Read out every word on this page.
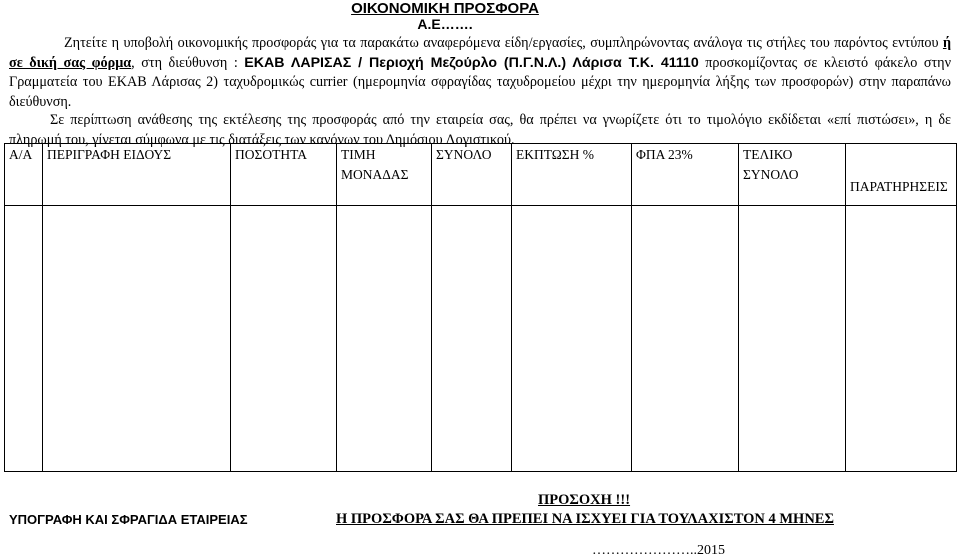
ΟΙΚΟΝΟΜΙΚΗ ΠΡΟΣΦΟΡΑ
Α.Ε…….
Ζητείτε η υποβολή οικονομικής προσφοράς για τα παρακάτω αναφερόμενα είδη/εργασίες, συμπληρώνοντας ανάλογα τις στήλες του παρόντος εντύπου ή σε δική σας φόρμα, στη διεύθυνση : ΕΚΑΒ ΛΑΡΙΣΑΣ / Περιοχή Μεζούρλο (Π.Γ.Ν.Λ.) Λάρισα Τ.Κ. 41110 προσκομίζοντας σε κλειστό φάκελο στην Γραμματεία του ΕΚΑΒ Λάρισας 2) ταχυδρομικώς currier (ημερομηνία σφραγίδας ταχυδρομείου μέχρι την ημερομηνία λήξης των προσφορών) στην παραπάνω διεύθυνση.
Σε περίπτωση ανάθεσης της εκτέλεσης της προσφοράς από την εταιρεία σας, θα πρέπει να γνωρίζετε ότι το τιμολόγιο εκδίδεται «επί πιστώσει», η δε πληρωμή του, γίνεται σύμφωνα με τις διατάξεις των κανόνων του Δημόσιου Λογιστικού.
Α/Α	ΠΕΡΙΓΡΑΦΗ ΕΙΔΟΥΣ	ΠΟΣΟΤΗΤΑ	ΤΙΜΗ ΜΟΝΑΔΑΣ	ΣΥΝΟΛΟ	ΕΚΠΤΩΣΗ %	ΦΠΑ 23%	ΤΕΛΙΚΟ ΣΥΝΟΛΟ	ΠΑΡΑΤΗΡΗΣΕΙΣ

ΥΠΟΓΡΑΦΗ ΚΑΙ ΣΦΡΑΓΙΔΑ ΕΤΑΙΡΕΙΑΣ
ΠΡΟΣΟΧΗ !!!
Η ΠΡΟΣΦΟΡΑ ΣΑΣ ΘΑ ΠΡΕΠΕΙ ΝΑ ΙΣΧΥΕΙ ΓΙΑ ΤΟΥΛΑΧΙΣΤΟΝ 4 ΜΗΝΕΣ
…………………..2015
